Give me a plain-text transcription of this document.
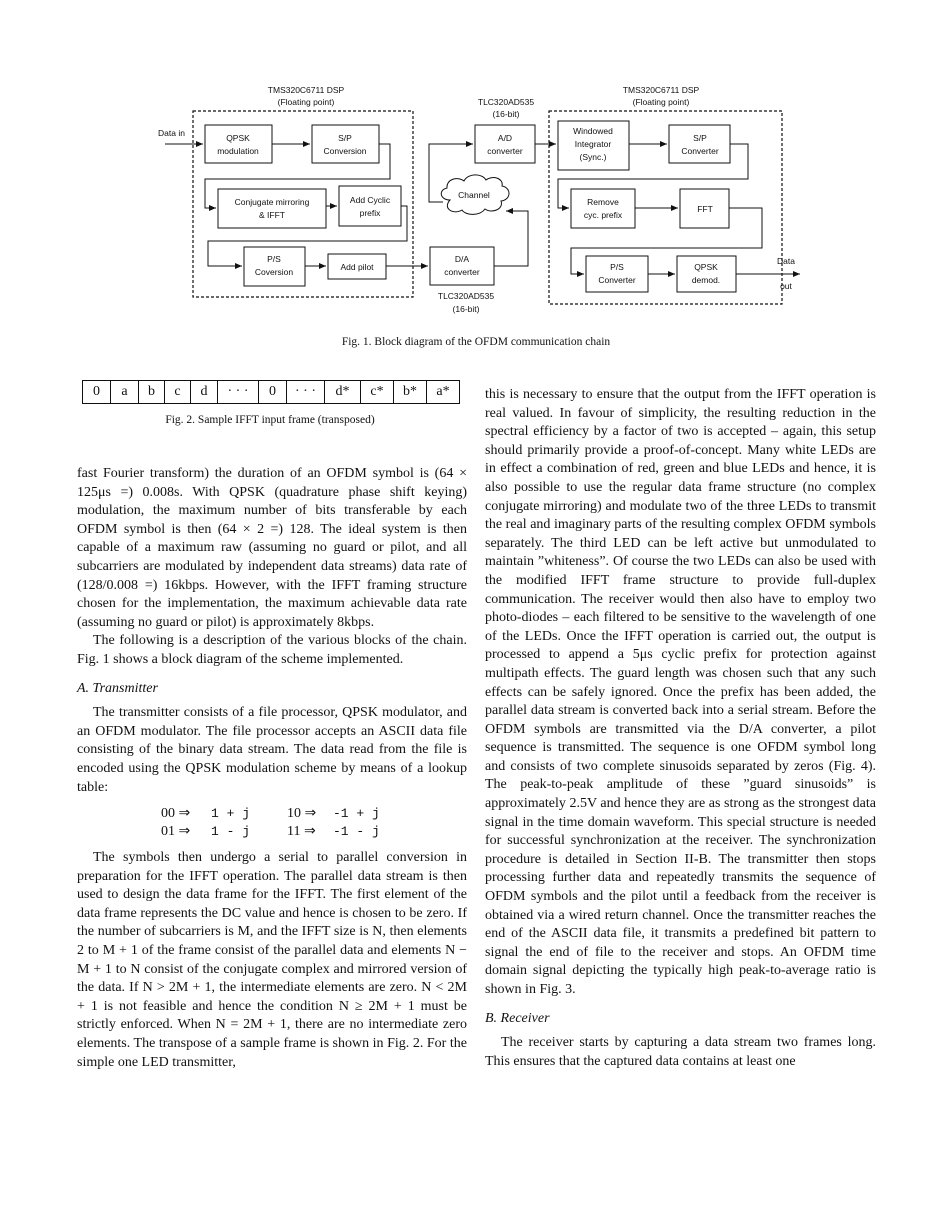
TMS320C6711 DSP
(Floating point)	TLC320AD535
(16-bit)
TMS320C6711 DSP
(Floating point)
TLC320AD535
(16-bit)
Data in
Data
out
QPSK
modulation
S/P
Conversion
Conjugate mirroring
& IFFT
Add Cyclic
prefix
P/S
Coversion	Add pilot
D/A
converter
A/D
converter
Channel
Windowed
Integrator
(Sync.)
S/P
Converter
Remove
cyc. prefix
FFT
P/S
Converter
QPSK
demod.
Fig. 1. Block diagram of the OFDM communication chain
0	a	b	c	d	· · ·	0	· · ·	d*	c*	b*	a*
Fig. 2. Sample IFFT input frame (transposed)

fast Fourier transform) the duration of an OFDM symbol is (64 × 125μs =) 0.008s. With QPSK (quadrature phase shift keying) modulation, the maximum number of bits transferable by each OFDM symbol is then (64 × 2 =) 128. The ideal system is then capable of a maximum raw (assuming no guard or pilot, and all subcarriers are modulated by independent data streams) data rate of (128/0.008 =) 16kbps. However, with the IFFT framing structure chosen for the implementation, the maximum achievable data rate (assuming no guard or pilot) is approximately 8kbps.

The following is a description of the various blocks of the chain. Fig. 1 shows a block diagram of the scheme implemented.

A. Transmitter

The transmitter consists of a file processor, QPSK modulator, and an OFDM modulator. The file processor accepts an ASCII data file consisting of the binary data stream. The data read from the file is encoded using the QPSK modulation scheme by means of a lookup table:

00 ⇒ 1 + j	10 ⇒ -1 + j
01 ⇒ 1 - j	11 ⇒ -1 - j

The symbols then undergo a serial to parallel conversion in preparation for the IFFT operation. The parallel data stream is then used to design the data frame for the IFFT. The first element of the data frame represents the DC value and hence is chosen to be zero. If the number of subcarriers is M, and the IFFT size is N, then elements 2 to M + 1 of the frame consist of the parallel data and elements N − M + 1 to N consist of the conjugate complex and mirrored version of the data. If N > 2M + 1, the intermediate elements are zero. N < 2M + 1 is not feasible and hence the condition N ≥ 2M + 1 must be strictly enforced. When N = 2M + 1, there are no intermediate zero elements. The transpose of a sample frame is shown in Fig. 2. For the simple one LED transmitter,

this is necessary to ensure that the output from the IFFT operation is real valued. In favour of simplicity, the resulting reduction in the spectral efficiency by a factor of two is accepted – again, this setup should primarily provide a proof-of-concept. Many white LEDs are in effect a combination of red, green and blue LEDs and hence, it is also possible to use the regular data frame structure (no complex conjugate mirroring) and modulate two of the three LEDs to transmit the real and imaginary parts of the resulting complex OFDM symbols separately. The third LED can be left active but unmodulated to maintain ”whiteness”. Of course the two LEDs can also be used with the modified IFFT frame structure to provide full-duplex communication. The receiver would then also have to employ two photo-diodes – each filtered to be sensitive to the wavelength of one of the LEDs. Once the IFFT operation is carried out, the output is processed to append a 5μs cyclic prefix for protection against multipath effects. The guard length was chosen such that any such effects can be safely ignored. Once the prefix has been added, the parallel data stream is converted back into a serial stream. Before the OFDM symbols are transmitted via the D/A converter, a pilot sequence is transmitted. The sequence is one OFDM symbol long and consists of two complete sinusoids separated by zeros (Fig. 4). The peak-to-peak amplitude of these ”guard sinusoids” is approximately 2.5V and hence they are as strong as the strongest data signal in the time domain waveform. This special structure is needed for successful synchronization at the receiver. The synchronization procedure is detailed in Section II-B. The transmitter then stops processing further data and repeatedly transmits the sequence of OFDM symbols and the pilot until a feedback from the receiver is obtained via a wired return channel. Once the transmitter reaches the end of the ASCII data file, it transmits a predefined bit pattern to signal the end of file to the receiver and stops. An OFDM time domain signal depicting the typically high peak-to-average ratio is shown in Fig. 3.

B. Receiver

The receiver starts by capturing a data stream two frames long. This ensures that the captured data contains at least one
